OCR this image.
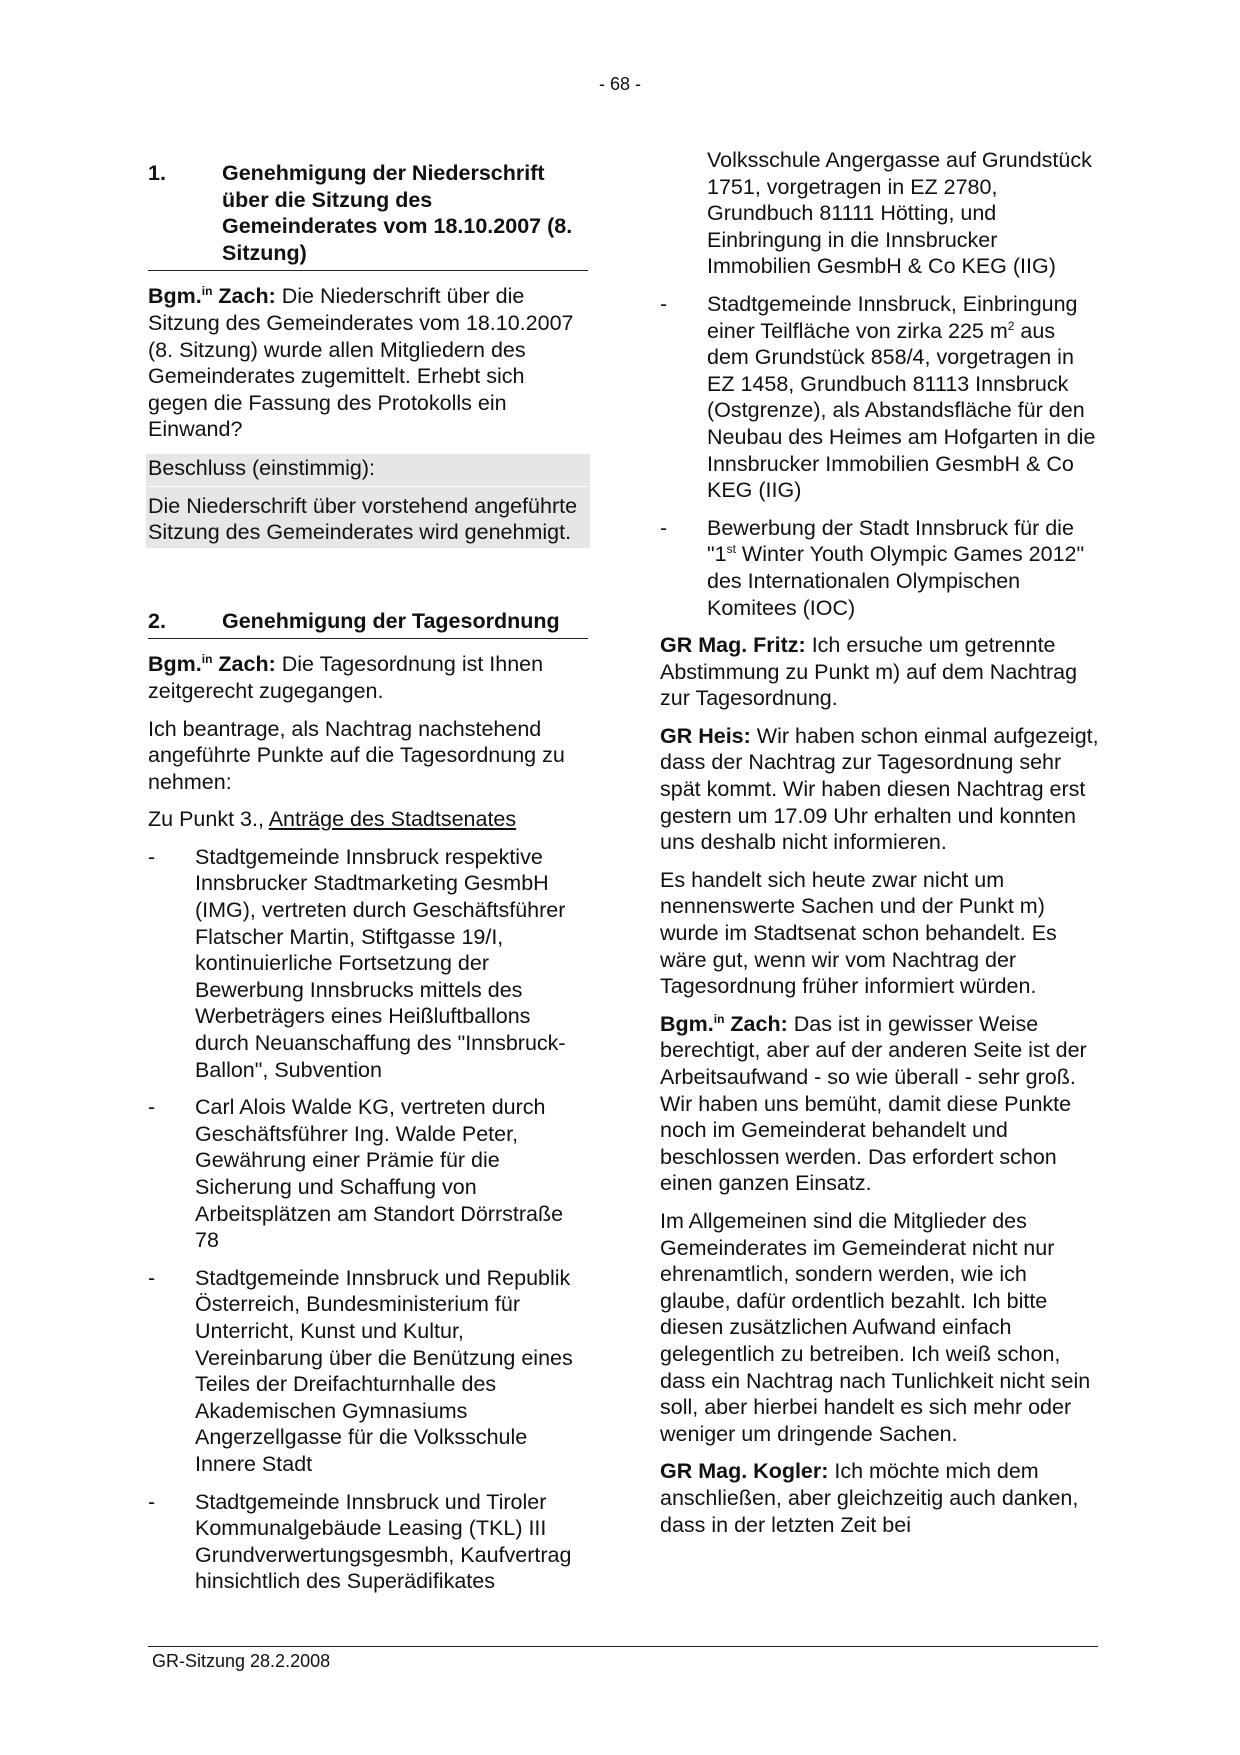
- 68 -
1.	Genehmigung der Niederschrift über die Sitzung des Gemeinderates vom 18.10.2007 (8. Sitzung)

Bgm.$^{in}$ Zach: Die Niederschrift über die Sitzung des Gemeinderates vom 18.10.2007 (8. Sitzung) wurde allen Mitgliedern des Gemeinderates zugemittelt. Erhebt sich gegen die Fassung des Protokolls ein Einwand?

Beschluss (einstimmig):

Die Niederschrift über vorstehend angeführte Sitzung des Gemeinderates wird genehmigt.

2.	Genehmigung der Tagesordnung

Bgm.$^{in}$ Zach: Die Tagesordnung ist Ihnen zeitgerecht zugegangen.

Ich beantrage, als Nachtrag nachstehend angeführte Punkte auf die Tagesordnung zu nehmen:

Zu Punkt 3., Anträge des Stadtsenates

-	Stadtgemeinde Innsbruck respektive Innsbrucker Stadtmarketing GesmbH (IMG), vertreten durch Geschäftsführer Flatscher Martin, Stiftgasse 19/I, kontinuierliche Fortsetzung der Bewerbung Innsbrucks mittels des Werbeträgers eines Heißluftballons durch Neuanschaffung des "Innsbruck-Ballon", Subvention
-	Carl Alois Walde KG, vertreten durch Geschäftsführer Ing. Walde Peter, Gewährung einer Prämie für die Sicherung und Schaffung von Arbeitsplätzen am Standort Dörrstraße 78
-	Stadtgemeinde Innsbruck und Republik Österreich, Bundesministerium für Unterricht, Kunst und Kultur, Vereinbarung über die Benützung eines Teiles der Dreifachturnhalle des Akademischen Gymnasiums Angerzellgasse für die Volksschule Innere Stadt
-	Stadtgemeinde Innsbruck und Tiroler Kommunalgebäude Leasing (TKL) III Grundverwertungsgesmbh, Kaufvertrag hinsichtlich des Superädifikates
Volksschule Angergasse auf Grundstück 1751, vorgetragen in EZ 2780, Grundbuch 81111 Hötting, und Einbringung in die Innsbrucker Immobilien GesmbH & Co KEG (IIG)
-	Stadtgemeinde Innsbruck, Einbringung einer Teilfläche von zirka 225 $m^2$ aus dem Grundstück 858/4, vorgetragen in EZ 1458, Grundbuch 81113 Innsbruck (Ostgrenze), als Abstandsfläche für den Neubau des Heimes am Hofgarten in die Innsbrucker Immobilien GesmbH & Co KEG (IIG)
-	Bewerbung der Stadt Innsbruck für die "1st Winter Youth Olympic Games 2012" des Internationalen Olympischen Komitees (IOC)

GR Mag. Fritz: Ich ersuche um getrennte Abstimmung zu Punkt m) auf dem Nachtrag zur Tagesordnung.

GR Heis: Wir haben schon einmal aufgezeigt, dass der Nachtrag zur Tagesordnung sehr spät kommt. Wir haben diesen Nachtrag erst gestern um 17.09 Uhr erhalten und konnten uns deshalb nicht informieren.

Es handelt sich heute zwar nicht um nennenswerte Sachen und der Punkt m) wurde im Stadtsenat schon behandelt. Es wäre gut, wenn wir vom Nachtrag der Tagesordnung früher informiert würden.

Bgm.$^{in}$ Zach: Das ist in gewisser Weise berechtigt, aber auf der anderen Seite ist der Arbeitsaufwand - so wie überall - sehr groß. Wir haben uns bemüht, damit diese Punkte noch im Gemeinderat behandelt und beschlossen werden. Das erfordert schon einen ganzen Einsatz.

Im Allgemeinen sind die Mitglieder des Gemeinderates im Gemeinderat nicht nur ehrenamtlich, sondern werden, wie ich glaube, dafür ordentlich bezahlt. Ich bitte diesen zusätzlichen Aufwand einfach gelegentlich zu betreiben. Ich weiß schon, dass ein Nachtrag nach Tunlichkeit nicht sein soll, aber hierbei handelt es sich mehr oder weniger um dringende Sachen.

GR Mag. Kogler: Ich möchte mich dem anschließen, aber gleichzeitig auch danken, dass in der letzten Zeit bei

GR-Sitzung 28.2.2008
